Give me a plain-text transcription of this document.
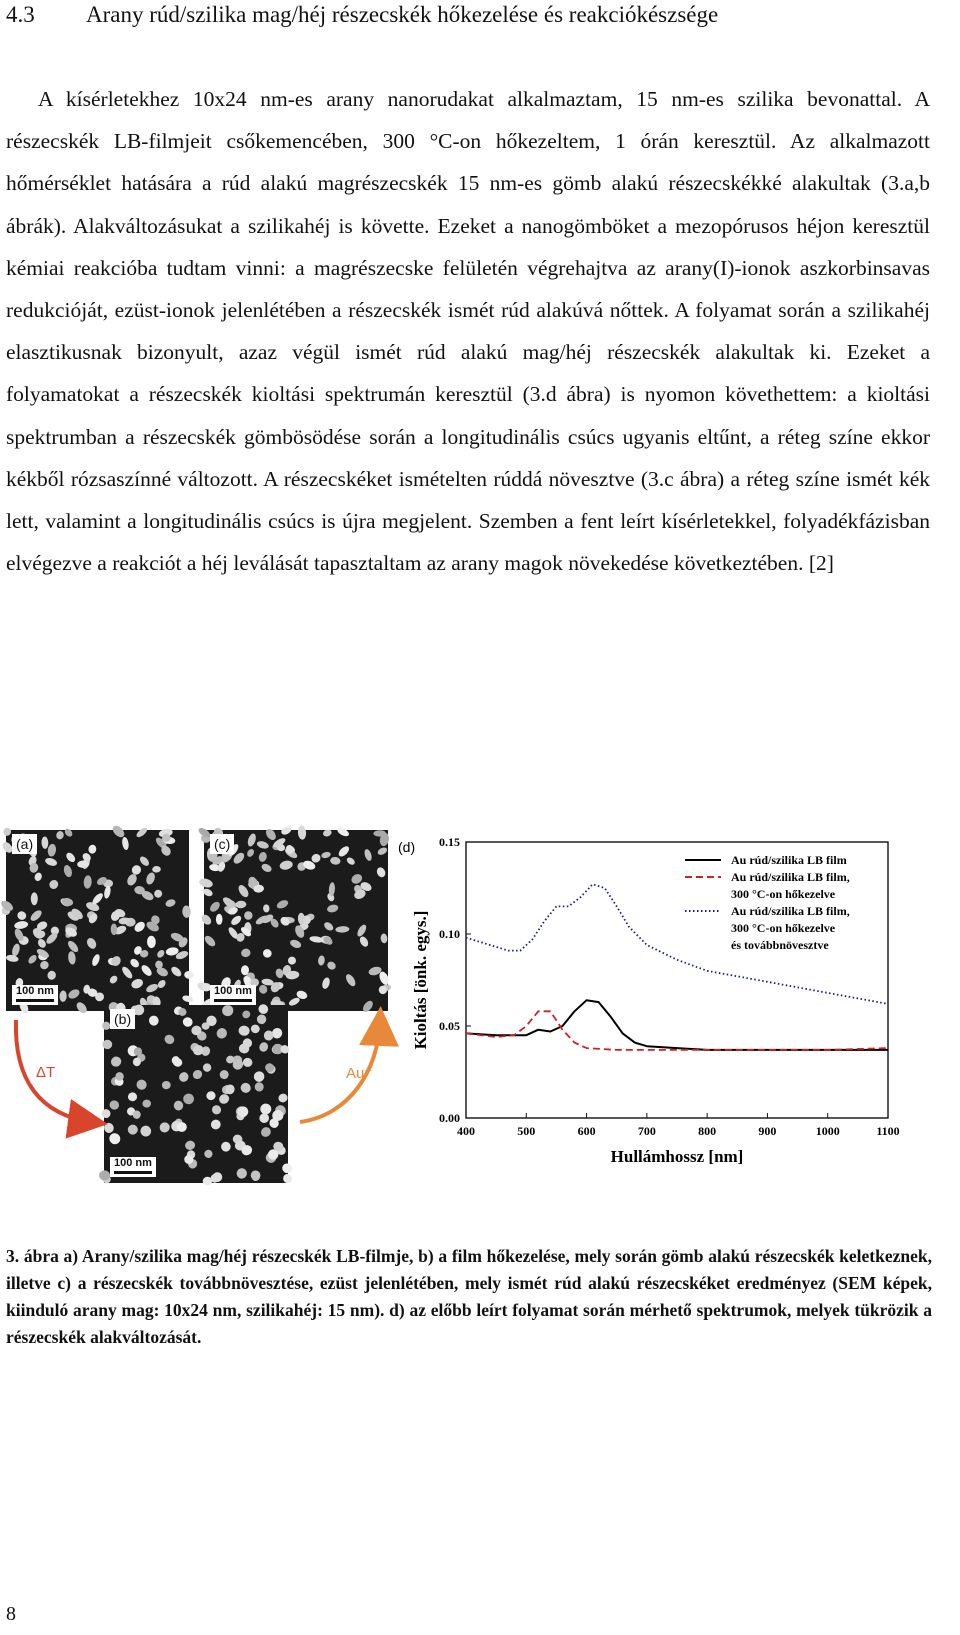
4.3 Arany rúd/szilika mag/héj részecskék hőkezelése és reakciókészsége

A kísérletekhez 10x24 nm-es arany nanorudakat alkalmaztam, 15 nm-es szilika bevonattal. A részecskék LB-filmjeit csőkemencében, 300 °C-on hőkezeltem, 1 órán keresztül. Az alkalmazott hőmérséklet hatására a rúd alakú magrészecskék 15 nm-es gömb alakú részecskékké alakultak (3.a,b ábrák). Alakváltozásukat a szilikahéj is követte. Ezeket a nanogömböket a mezopórusos héjon keresztül kémiai reakcióba tudtam vinni: a magrészecske felületén végrehajtva az arany(I)-ionok aszkorbinsavas redukcióját, ezüst-ionok jelenlétében a részecskék ismét rúd alakúvá nőttek. A folyamat során a szilikahéj elasztikusnak bizonyult, azaz végül ismét rúd alakú mag/héj részecskék alakultak ki. Ezeket a folyamatokat a részecskék kioltási spektrumán keresztül (3.d ábra) is nyomon követhettem: a kioltási spektrumban a részecskék gömbösödése során a longitudinális csúcs ugyanis eltűnt, a réteg színe ekkor kékből rózsaszínné változott. A részecskéket ismételten rúddá növesztve (3.c ábra) a réteg színe ismét kék lett, valamint a longitudinális csúcs is újra megjelent. Szemben a fent leírt kísérletekkel, folyadékfázisban elvégezve a reakciót a héj leválását tapasztaltam az arany magok növekedése következtében. [2]

(a)
100 nm
(c)
100 nm
(b)
100 nm
ΔT	Au⁺
(d)
400	500	600	700	800	900	1000	1100
0.00
0.05
0.10
0.15
Hullámhossz [nm]
Kioltás [önk. egys.]
Au rúd/szilika LB film
Au rúd/szilika LB film, 300 °C-on hőkezelve
Au rúd/szilika LB film, 300 °C-on hőkezelve és továbbnövesztve
3. ábra a) Arany/szilika mag/héj részecskék LB-filmje, b) a film hőkezelése, mely során gömb alakú részecskék keletkeznek, illetve c) a részecskék továbbnövesztése, ezüst jelenlétében, mely ismét rúd alakú részecskéket eredményez (SEM képek, kiinduló arany mag: 10x24 nm, szilikahéj: 15 nm). d) az előbb leírt folyamat során mérhető spektrumok, melyek tükrözik a részecskék alakváltozását.
8
